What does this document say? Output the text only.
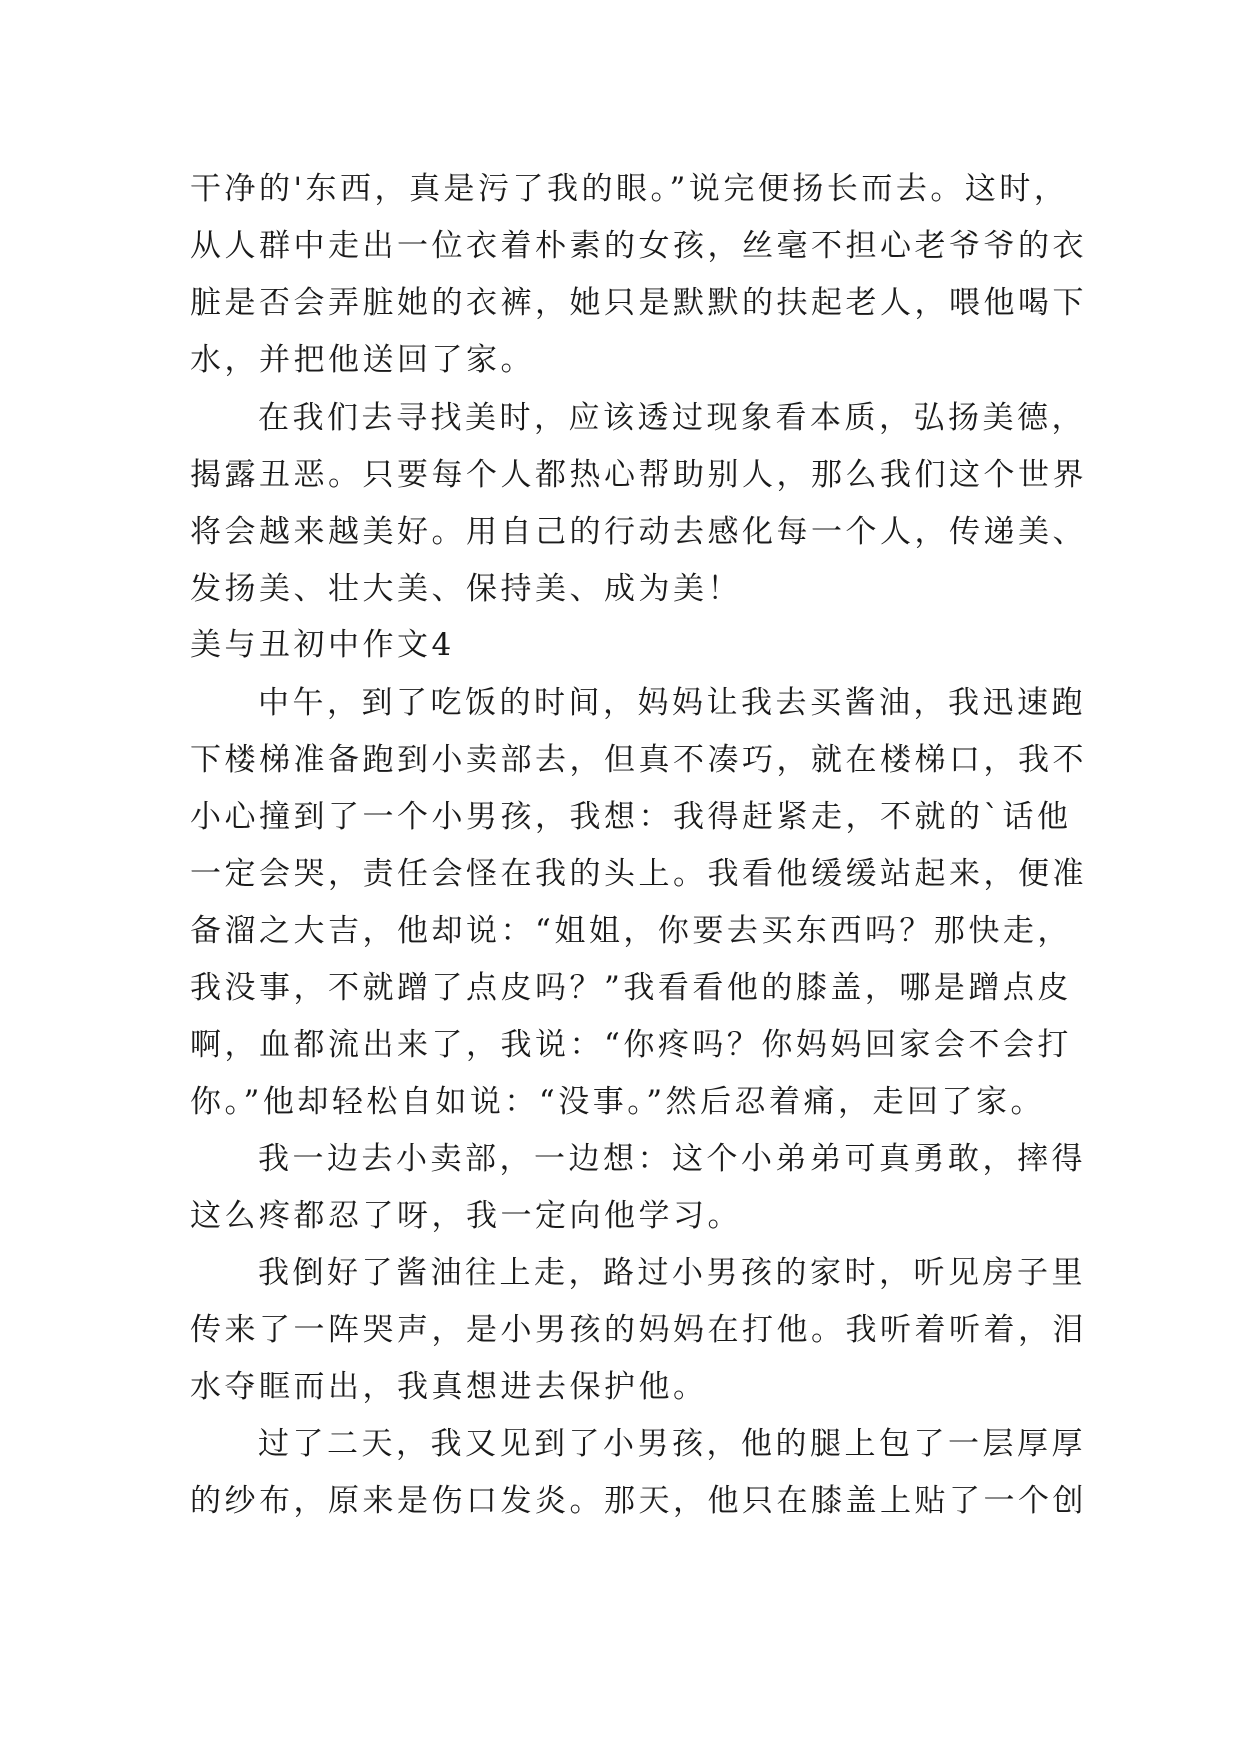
干净的'东西，真是污了我的眼。”说完便扬长而去。这时，
从人群中走出一位衣着朴素的女孩，丝毫不担心老爷爷的衣
脏是否会弄脏她的衣裤，她只是默默的扶起老人，喂他喝下
水，并把他送回了家。
在我们去寻找美时，应该透过现象看本质，弘扬美德，
揭露丑恶。只要每个人都热心帮助别人，那么我们这个世界
将会越来越美好。用自己的行动去感化每一个人，传递美、
发扬美、壮大美、保持美、成为美！
美与丑初中作文4
中午，到了吃饭的时间，妈妈让我去买酱油，我迅速跑
下楼梯准备跑到小卖部去，但真不凑巧，就在楼梯口，我不
小心撞到了一个小男孩，我想：我得赶紧走，不就的`话他
一定会哭，责任会怪在我的头上。我看他缓缓站起来，便准
备溜之大吉，他却说：“姐姐，你要去买东西吗？那快走，
我没事，不就蹭了点皮吗？”我看看他的膝盖，哪是蹭点皮
啊，血都流出来了，我说：“你疼吗？你妈妈回家会不会打
你。”他却轻松自如说：“没事。”然后忍着痛，走回了家。
我一边去小卖部，一边想：这个小弟弟可真勇敢，摔得
这么疼都忍了呀，我一定向他学习。
我倒好了酱油往上走，路过小男孩的家时，听见房子里
传来了一阵哭声，是小男孩的妈妈在打他。我听着听着，泪
水夺眶而出，我真想进去保护他。
过了二天，我又见到了小男孩，他的腿上包了一层厚厚
的纱布，原来是伤口发炎。那天，他只在膝盖上贴了一个创
